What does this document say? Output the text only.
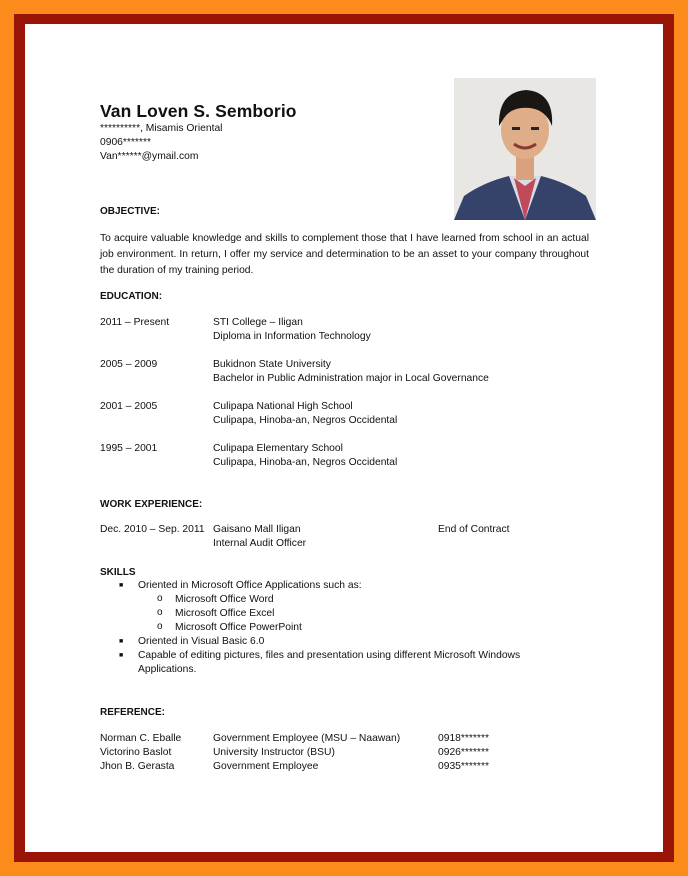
Van Loven S. Semborio
**********, Misamis Oriental
0906*******
Van******@ymail.com
OBJECTIVE:
To acquire valuable knowledge and skills to complement those that I have learned from school in an actual job environment. In return, I offer my service and determination to be an asset to your company throughout the duration of my training period.
EDUCATION:
2011 – Present	STI College – Iligan
Diploma in Information Technology
2005 – 2009	Bukidnon State University
Bachelor in Public Administration major in Local Governance
2001 – 2005	Culipapa National High School
Culipapa, Hinoba-an, Negros Occidental
1995 – 2001	Culipapa Elementary School
Culipapa, Hinoba-an, Negros Occidental
WORK EXPERIENCE:
Dec. 2010 – Sep. 2011 Gaisano Mall Iligan	End of Contract
Internal Audit Officer
SKILLS
■ Oriented in Microsoft Office Applications such as:
o Microsoft Office Word
o Microsoft Office Excel
o Microsoft Office PowerPoint
■ Oriented in Visual Basic 6.0
■ Capable of editing pictures, files and presentation using different Microsoft Windows
Applications.
REFERENCE:
Norman C. Eballe	Government Employee (MSU – Naawan)	0918*******
Victorino Baslot	University Instructor (BSU)	0926*******
Jhon B. Gerasta	Government Employee	0935*******
